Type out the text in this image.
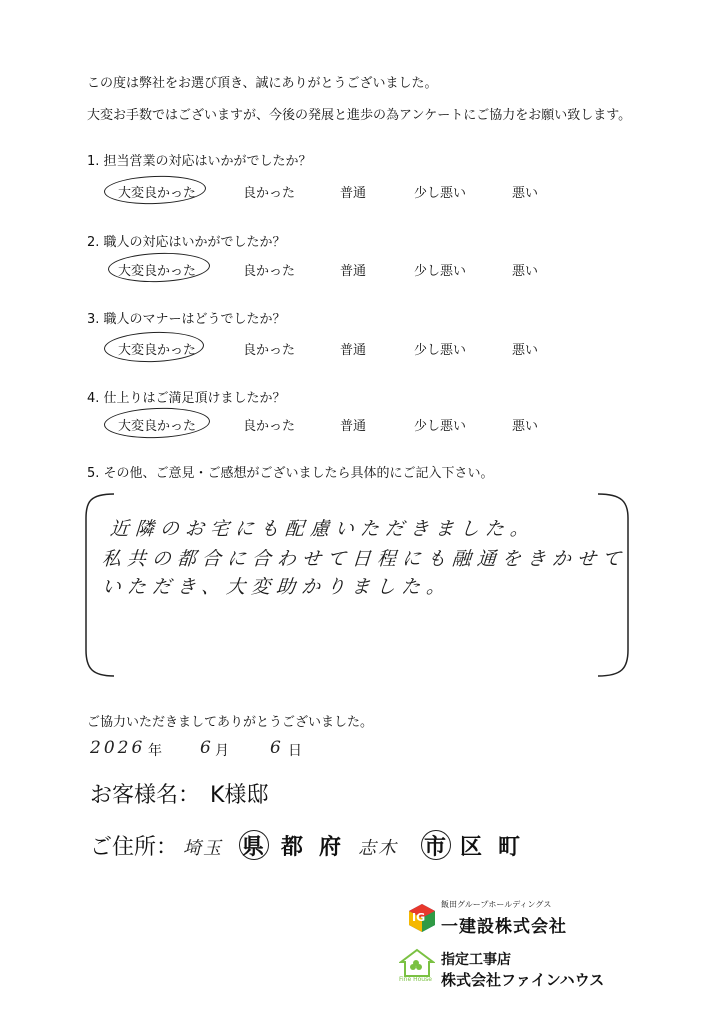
この度は弊社をお選び頂き、誠にありがとうございました。
大変お手数ではございますが、今後の発展と進歩の為アンケートにご協力をお願い致します。
1. 担当営業の対応はいかがでしたか？
大変良かった	良かった	普通	少し悪い	悪い
2. 職人の対応はいかがでしたか？
大変良かった	良かった	普通	少し悪い	悪い
3. 職人のマナーはどうでしたか？
大変良かった	良かった	普通	少し悪い	悪い
4. 仕上りはご満足頂けましたか？
大変良かった	良かった	普通	少し悪い	悪い
5. その他、ご意見・ご感想がございましたら具体的にご記入下さい。
近隣のお宅にも配慮いただきました。
私共の都合に合わせて日程にも融通をきかせて
いただき、大変助かりました。
ご協力いただきましてありがとうございました。
2026 年 6 月 6 日
お客様名： K様邸
ご住所： 埼玉 県 都 府 志木 市 区 町
IG
飯田グループホールディングス
一建設株式会社
Fine House
指定工事店
株式会社ファインハウス
